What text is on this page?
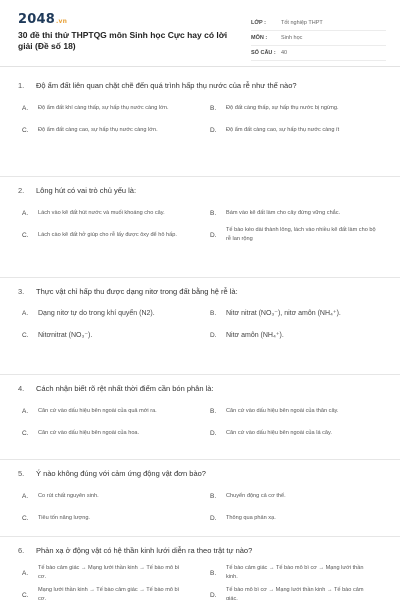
2048.vn
30 đề thi thử THPTQG môn Sinh học Cực hay có lời giải (Đề số 18)
LỚP :	Tốt nghiệp THPT
MÔN :	Sinh học
SỐ CÂU : 40
1.	Độ ẩm đất liên quan chặt chẽ đến quá trình hấp thụ nước của rễ như thế nào?
A.	Độ ẩm đất khí càng thấp, sự hấp thụ nước càng lớn.	B.	Độ đất càng thấp, sự hấp thụ nước bị ngừng.
C.	Độ ẩm đất càng cao, sự hấp thụ nước càng lớn.	D.	Độ ẩm đất càng cao, sự hấp thụ nước càng ít
2.	Lông hút có vai trò chủ yếu là:
A.	Lách vào kẽ đất hút nước và muối khoáng cho cây.	B.	Bám vào kẽ đất làm cho cây đứng vững chắc.
C.	Lách cào kẽ đất hở giúp cho rễ lấy được ôxy để hô hấp.	D.
Tế bào kéo dài thành lông, lách vào nhiều kẽ đất làm cho bộ rễ lan rộng
3.	Thực vật chỉ hấp thu được dạng nitơ trong đất bằng hệ rễ là:
A.	Dạng nitơ tự do trong khí quyển (N2).	B.	Nitơ nitrat (NO₃⁻), nitơ amôn (NH₄⁺).
C.	Nitơnitrat (NO₃⁻).	D.	Nitơ amôn (NH₄⁺).
4.	Cách nhận biết rõ rệt nhất thời điểm cần bón phân là:
A.	Căn cứ vào dấu hiệu bên ngoài của quả mới ra.	B.	Căn cứ vào dấu hiệu bên ngoài của thân cây.
C.	Căn cứ vào dấu hiệu bên ngoài của hoa.	D.	Căn cứ vào dấu hiệu bên ngoài của lá cây.
5.	Ý nào không đúng với cảm ứng động vật đơn bào?
A.	Co rút chất nguyên sinh.	B.	Chuyển động cả cơ thể.
C.	Tiêu tốn năng lượng.	D.	Thông qua phản xạ.
6.	Phản xạ ở động vật có hệ thần kinh lưới diễn ra theo trật tự nào?
A.
Tế bào cảm giác → Mạng lưới thần kinh → Tế bào mô bì cơ.
B.
Tế bào cảm giác → Tế bào mô bì cơ → Mạng lưới thần kinh.
C.
Mạng lưới thần kinh → Tế bào cảm giác → Tế bào mô bì cơ.
D.
Tế bào mô bì cơ → Mạng lưới thần kinh → Tế bào cảm giác.
